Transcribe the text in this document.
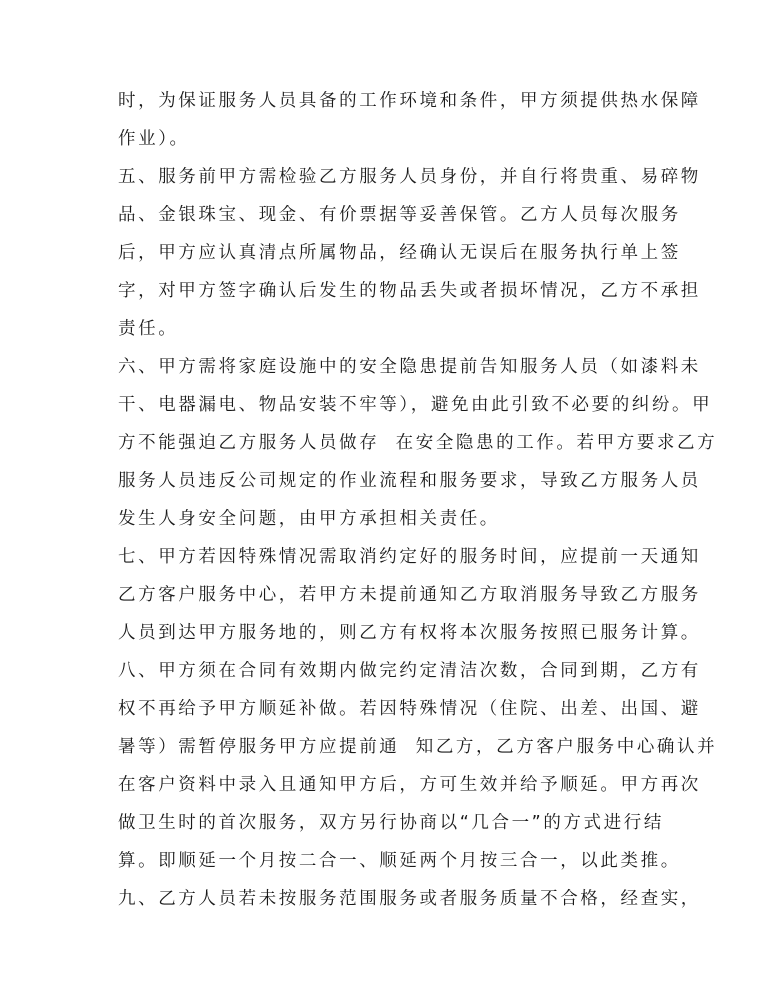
时，为保证服务人员具备的工作环境和条件，甲方须提供热水保障
作业）。
五、服务前甲方需检验乙方服务人员身份，并自行将贵重、易碎物
品、金银珠宝、现金、有价票据等妥善保管。乙方人员每次服务
后，甲方应认真清点所属物品，经确认无误后在服务执行单上签
字，对甲方签字确认后发生的物品丢失或者损坏情况，乙方不承担
责任。
六、甲方需将家庭设施中的安全隐患提前告知服务人员（如漆料未
干、电器漏电、物品安装不牢等），避免由此引致不必要的纠纷。甲
方不能强迫乙方服务人员做存  在安全隐患的工作。若甲方要求乙方
服务人员违反公司规定的作业流程和服务要求，导致乙方服务人员
发生人身安全问题，由甲方承担相关责任。
七、甲方若因特殊情况需取消约定好的服务时间，应提前一天通知
乙方客户服务中心，若甲方未提前通知乙方取消服务导致乙方服务
人员到达甲方服务地的，则乙方有权将本次服务按照已服务计算。
八、甲方须在合同有效期内做完约定清洁次数，合同到期，乙方有
权不再给予甲方顺延补做。若因特殊情况（住院、出差、出国、避
暑等）需暂停服务甲方应提前通  知乙方，乙方客户服务中心确认并
在客户资料中录入且通知甲方后，方可生效并给予顺延。甲方再次
做卫生时的首次服务，双方另行协商以“几合一”的方式进行结
算。即顺延一个月按二合一、顺延两个月按三合一，以此类推。
九、乙方人员若未按服务范围服务或者服务质量不合格，经查实，
